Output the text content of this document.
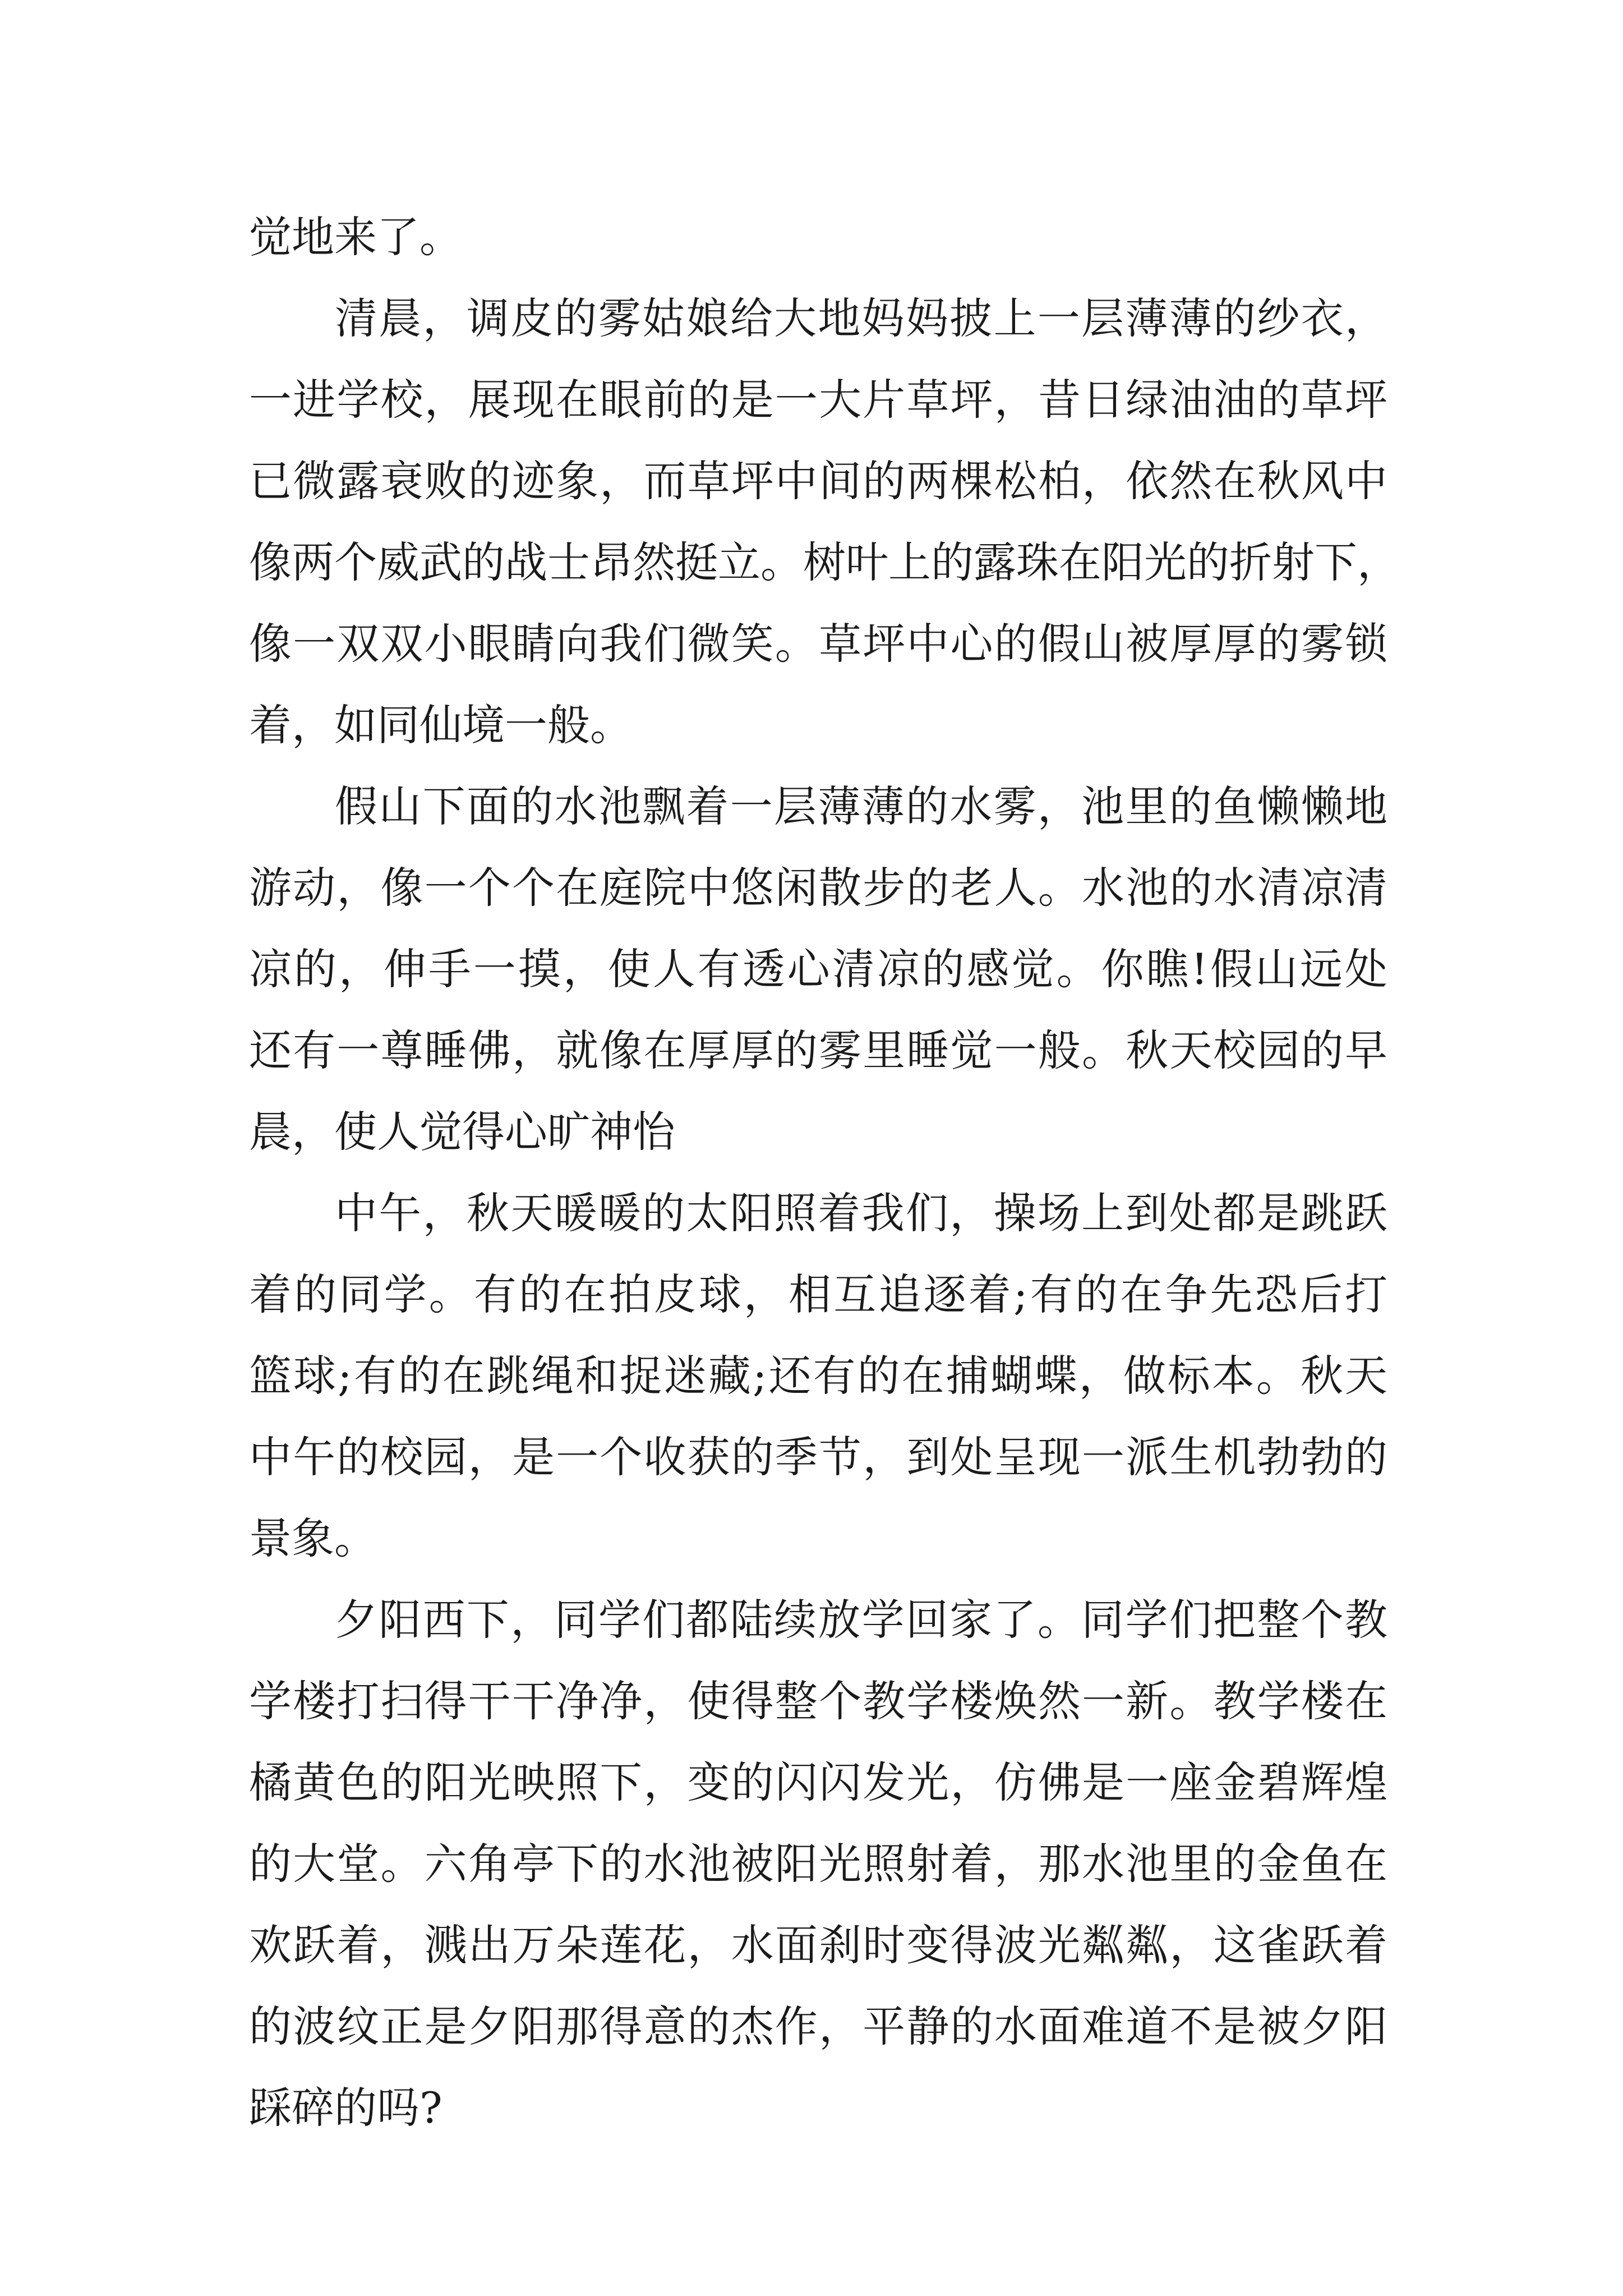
觉地来了。
清晨，调皮的雾姑娘给大地妈妈披上一层薄薄的纱衣，
一进学校，展现在眼前的是一大片草坪，昔日绿油油的草坪
已微露衰败的迹象，而草坪中间的两棵松柏，依然在秋风中
像两个威武的战士昂然挺立。树叶上的露珠在阳光的折射下，
像一双双小眼睛向我们微笑。草坪中心的假山被厚厚的雾锁
着，如同仙境一般。
假山下面的水池飘着一层薄薄的水雾，池里的鱼懒懒地
游动，像一个个在庭院中悠闲散步的老人。水池的水清凉清
凉的，伸手一摸，使人有透心清凉的感觉。你瞧!假山远处
还有一尊睡佛，就像在厚厚的雾里睡觉一般。秋天校园的早
晨，使人觉得心旷神怡
中午，秋天暖暖的太阳照着我们，操场上到处都是跳跃
着的同学。有的在拍皮球，相互追逐着;有的在争先恐后打
篮球;有的在跳绳和捉迷藏;还有的在捕蝴蝶，做标本。秋天
中午的校园，是一个收获的季节，到处呈现一派生机勃勃的
景象。
夕阳西下，同学们都陆续放学回家了。同学们把整个教
学楼打扫得干干净净，使得整个教学楼焕然一新。教学楼在
橘黄色的阳光映照下，变的闪闪发光，仿佛是一座金碧辉煌
的大堂。六角亭下的水池被阳光照射着，那水池里的金鱼在
欢跃着，溅出万朵莲花，水面刹时变得波光粼粼，这雀跃着
的波纹正是夕阳那得意的杰作，平静的水面难道不是被夕阳
踩碎的吗?
